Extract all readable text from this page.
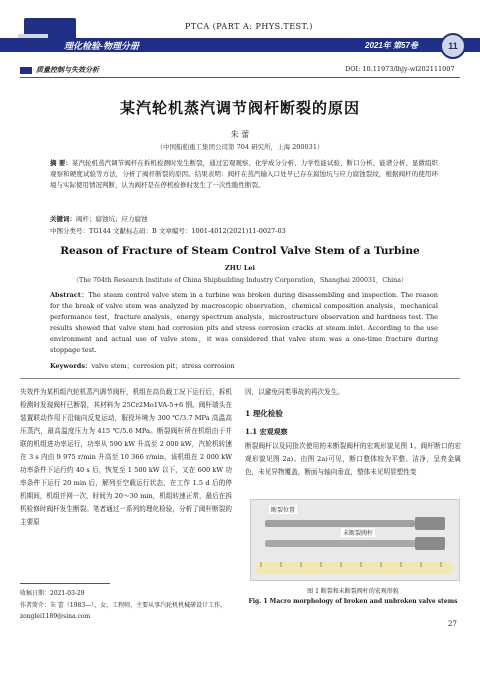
理化检验-物理分册
PTCA (PART A: PHYS.TEST.)
2021年 第57卷	11
质量控制与失效分析	DOI: 10.11973/lhjy-wl202111007
某汽轮机蒸汽调节阀杆断裂的原因
朱 蕾
（中国船舶重工集团公司第 704 研究所，上海 200031）
摘 要：某汽轮机蒸汽调节阀杆在拆机检测时发生断裂，通过宏观观察、化学成分分析、力学性能试验、断口分析、能谱分析、显微组织观察和硬度试验等方法，分析了阀杆断裂的原因。结果表明：阀杆在蒸汽输入口处早已存在腐蚀坑与应力腐蚀裂纹，根据阀杆的使用环境与实际使用情况判断，认为阀杆是在停机检修时发生了一次性脆性断裂。
关键词：阀杆；腐蚀坑；应力腐蚀
中图分类号：TG144 文献标志码：B 文章编号：1001-4012(2021)11-0027-03
Reason of Fracture of Steam Control Valve Stem of a Turbine
ZHU Lei
（The 704th Research Institute of China Shipbuilding Industry Corporation，Shanghai 200031，China）
Abstract：The steam control valve stem in a turbine was broken during disassembling and inspection. The reason for the break of valve stem was analyzed by macroscopic observation，chemical composition analysis，mechanical performance test，fracture analysis，energy spectrum analysis，microstructure observation and hardness test. The results showed that valve stem had corrosion pits and stress corrosion cracks at steam inlet. According to the use environment and actual use of valve stem，it was considered that valve stem was a one-time fracture during stoppage test.
Keywords：valve stem；corrosion pit；stress corrosion
失效件为某机组汽轮机蒸汽调节阀杆，机组在高负载工况下运行后，拆机检测时发现阀杆已断裂，其材料为 25Cr2Mo1VA-5+6 钢。阀杆端头在装置联动作用下沿轴向反复运动，服役环境为 300 ℃/3.7 MPa 高温高压蒸汽，最高温度压力为 415 ℃/5.6 MPa。断裂阀杆所在机组由于并联的机组进功率运行，功率从 590 kW 升高至 2 000 kW，汽轮机转速在 3 s 内由 9 975 r/min 升高至 10 366 r/min，该机组在 2 000 kW 功率条件下运行约 40 s 后，恢复至 1 500 kW 以下，又在 600 kW 功率条件下运行 20 min 后，解列至空载运行状态，在工作 1.5 d 后的停机期间，机组并网一次，时间为 20～30 min，机组转速正常，最后在拆机检修时阀杆发生断裂。笔者通过一系列的理化检验，分析了阀杆断裂的主要原
因，以避免同类事故的再次发生。
1 理化检验
1.1 宏观观察
断裂阀杆以及同批次使用的未断裂阀杆的宏观形貌见图 1。阀杆断口的宏观形貌见图 2a)。由图 2a)可见，断口整体较为平整、洁净，呈亮金属色，未见异物覆盖，断面与轴向垂直，整体未见明显塑性变
断裂位置
未断裂阀杆
图 1 断裂和未断裂阀杆的宏观形貌
Fig. 1 Macro morphology of broken and unbroken valve stems
收稿日期：2021-03-29
作者简介：朱 蕾（1983—），女，工程师，主要从事汽轮机机械研设计工作，zonglei1189@sina.com
27
